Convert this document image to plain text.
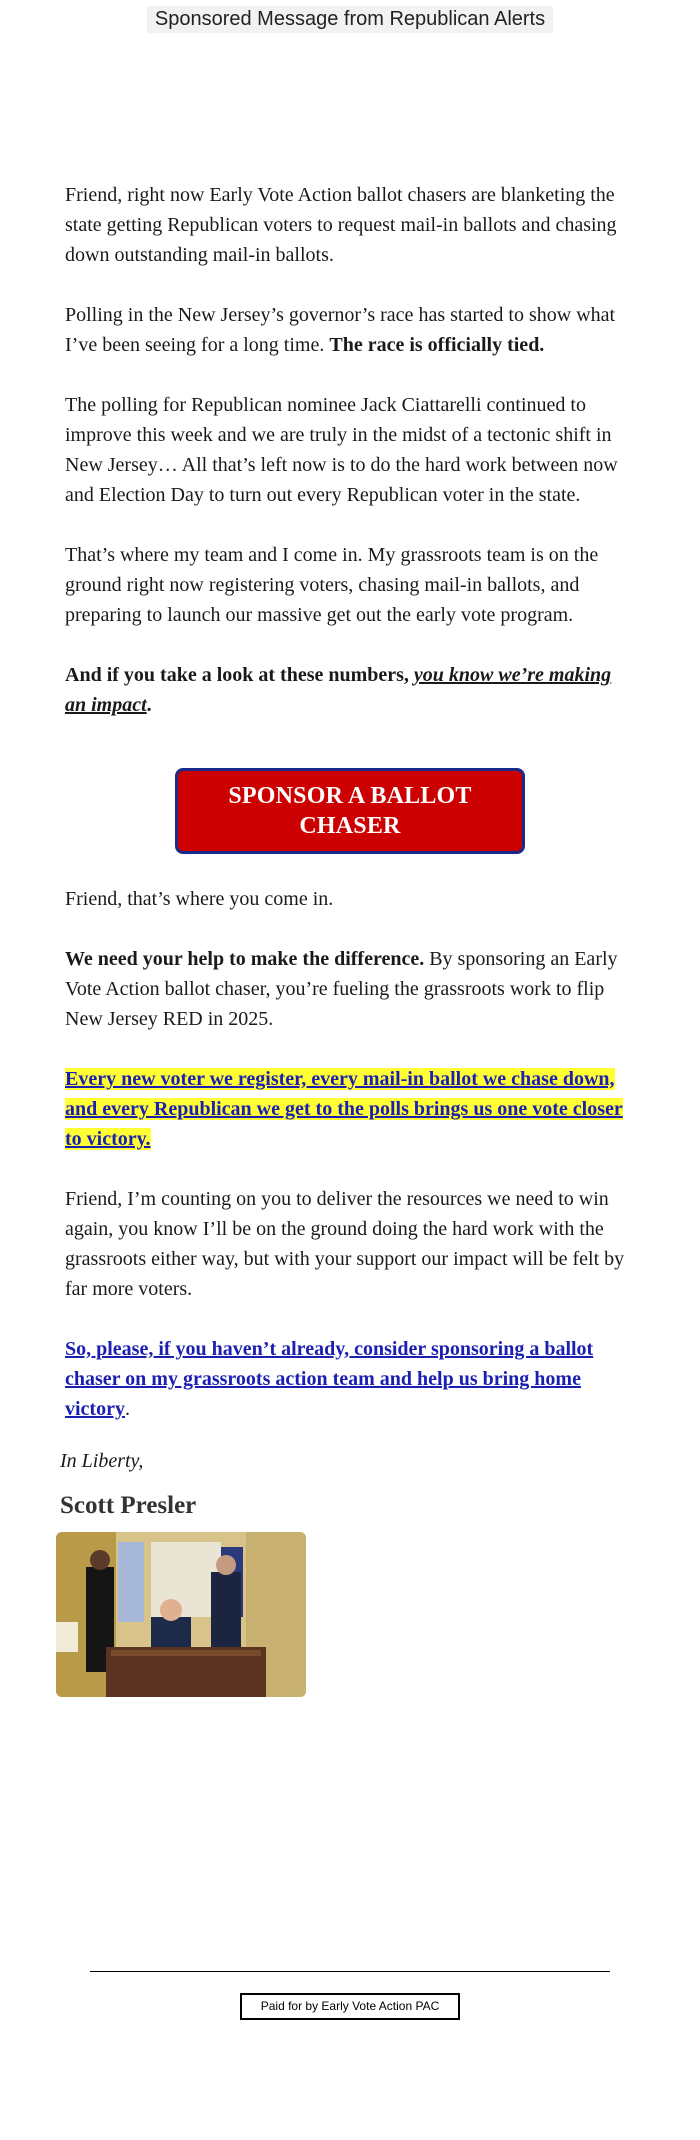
Sponsored Message from Republican Alerts

Friend, right now Early Vote Action ballot chasers are blanketing the state getting Republican voters to request mail-in ballots and chasing down outstanding mail-in ballots.

Polling in the New Jersey’s governor’s race has started to show what I’ve been seeing for a long time. The race is officially tied.

The polling for Republican nominee Jack Ciattarelli continued to improve this week and we are truly in the midst of a tectonic shift in New Jersey… All that’s left now is to do the hard work between now and Election Day to turn out every Republican voter in the state.

That’s where my team and I come in. My grassroots team is on the ground right now registering voters, chasing mail-in ballots, and preparing to launch our massive get out the early vote program.

And if you take a look at these numbers, you know we’re making an impact.

SPONSOR A BALLOT CHASER

Friend, that’s where you come in.

We need your help to make the difference. By sponsoring an Early Vote Action ballot chaser, you’re fueling the grassroots work to flip New Jersey RED in 2025.

Every new voter we register, every mail-in ballot we chase down, and every Republican we get to the polls brings us one vote closer to victory.

Friend, I’m counting on you to deliver the resources we need to win again, you know I’ll be on the ground doing the hard work with the grassroots either way, but with your support our impact will be felt by far more voters.

So, please, if you haven’t already, consider sponsoring a ballot chaser on my grassroots action team and help us bring home victory.

In Liberty,
Scott Presler
Paid for by Early Vote Action PAC
